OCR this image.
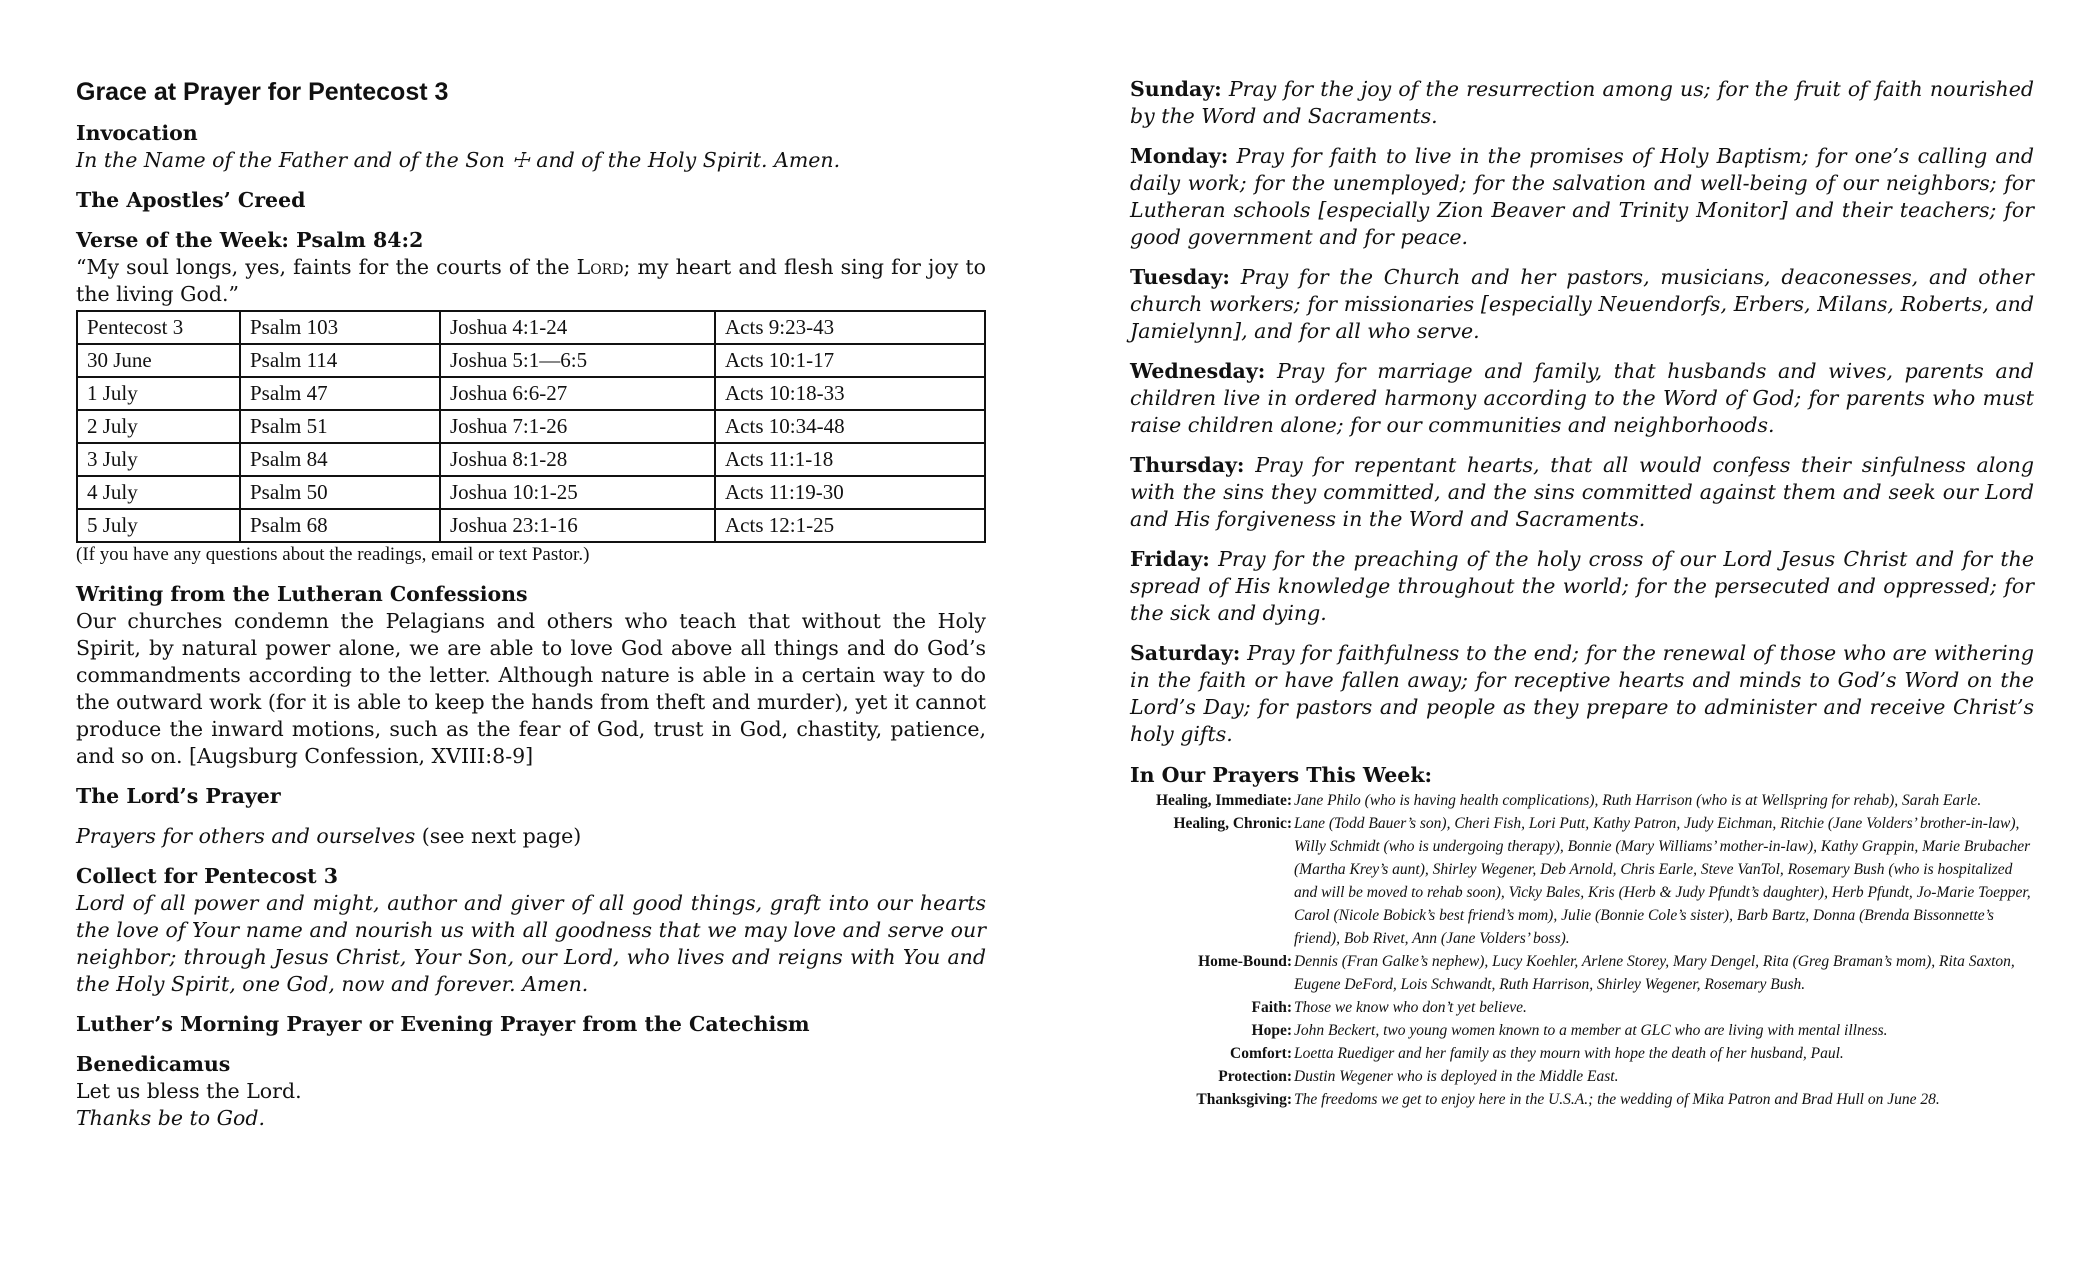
Grace at Prayer for Pentecost 3
Invocation

In the Name of the Father and of the Son ☩ and of the Holy Spirit. Amen.

The Apostles’ Creed
Verse of the Week: Psalm 84:2

“My soul longs, yes, faints for the courts of the Lord; my heart and flesh sing for joy to the living God.”

Pentecost 3	Psalm 103	Joshua 4:1-24	Acts 9:23-43
30 June	Psalm 114	Joshua 5:1—6:5	Acts 10:1-17
1 July	Psalm 47	Joshua 6:6-27	Acts 10:18-33
2 July	Psalm 51	Joshua 7:1-26	Acts 10:34-48
3 July	Psalm 84	Joshua 8:1-28	Acts 11:1-18
4 July	Psalm 50	Joshua 10:1-25	Acts 11:19-30
5 July	Psalm 68	Joshua 23:1-16	Acts 12:1-25

(If you have any questions about the readings, email or text Pastor.)

Writing from the Lutheran Confessions

Our churches condemn the Pelagians and others who teach that without the Holy Spirit, by natural power alone, we are able to love God above all things and do God’s commandments according to the letter. Although nature is able in a certain way to do the outward work (for it is able to keep the hands from theft and murder), yet it cannot produce the inward motions, such as the fear of God, trust in God, chastity, patience, and so on. [Augsburg Confession, XVIII:8-9]

The Lord’s Prayer

Prayers for others and ourselves (see next page)

Collect for Pentecost 3

Lord of all power and might, author and giver of all good things, graft into our hearts the love of Your name and nourish us with all goodness that we may love and serve our neighbor; through Jesus Christ, Your Son, our Lord, who lives and reigns with You and the Holy Spirit, one God, now and forever. Amen.

Luther’s Morning Prayer or Evening Prayer from the Catechism
Benedicamus

Let us bless the Lord.

Thanks be to God.

Sunday: Pray for the joy of the resurrection among us; for the fruit of faith nourished by the Word and Sacraments.

Monday: Pray for faith to live in the promises of Holy Baptism; for one’s calling and daily work; for the unemployed; for the salvation and well-being of our neighbors; for Lutheran schools [especially Zion Beaver and Trinity Monitor] and their teachers; for good government and for peace.

Tuesday: Pray for the Church and her pastors, musicians, deaconesses, and other church workers; for missionaries [especially Neuendorfs, Erbers, Milans, Roberts, and Jamielynn], and for all who serve.

Wednesday: Pray for marriage and family, that husbands and wives, parents and children live in ordered harmony according to the Word of God; for parents who must raise children alone; for our communities and neighborhoods.

Thursday: Pray for repentant hearts, that all would confess their sinfulness along with the sins they committed, and the sins committed against them and seek our Lord and His forgiveness in the Word and Sacraments.

Friday: Pray for the preaching of the holy cross of our Lord Jesus Christ and for the spread of His knowledge throughout the world; for the persecuted and oppressed; for the sick and dying.

Saturday: Pray for faithfulness to the end; for the renewal of those who are withering in the faith or have fallen away; for receptive hearts and minds to God’s Word on the Lord’s Day; for pastors and people as they prepare to administer and receive Christ’s holy gifts.

In Our Prayers This Week:
Healing, Immediate: Jane Philo (who is having health complications), Ruth Harrison (who is at Wellspring for rehab), Sarah Earle.
Healing, Chronic: Lane (Todd Bauer’s son), Cheri Fish, Lori Putt, Kathy Patron, Judy Eichman, Ritchie (Jane Volders’ brother-in-law), Willy Schmidt (who is undergoing therapy), Bonnie (Mary Williams’ mother-in-law), Kathy Grappin, Marie Brubacher (Martha Krey’s aunt), Shirley Wegener, Deb Arnold, Chris Earle, Steve VanTol, Rosemary Bush (who is hospitalized and will be moved to rehab soon), Vicky Bales, Kris (Herb & Judy Pfundt’s daughter), Herb Pfundt, Jo-Marie Toepper, Carol (Nicole Bobick’s best friend’s mom), Julie (Bonnie Cole’s sister), Barb Bartz, Donna (Brenda Bissonnette’s friend), Bob Rivet, Ann (Jane Volders’ boss).
Home-Bound: Dennis (Fran Galke’s nephew), Lucy Koehler, Arlene Storey, Mary Dengel, Rita (Greg Braman’s mom), Rita Saxton, Eugene DeFord, Lois Schwandt, Ruth Harrison, Shirley Wegener, Rosemary Bush.
Faith: Those we know who don’t yet believe.
Hope: John Beckert, two young women known to a member at GLC who are living with mental illness.
Comfort: Loetta Ruediger and her family as they mourn with hope the death of her husband, Paul.
Protection: Dustin Wegener who is deployed in the Middle East.
Thanksgiving: The freedoms we get to enjoy here in the U.S.A.; the wedding of Mika Patron and Brad Hull on June 28.
